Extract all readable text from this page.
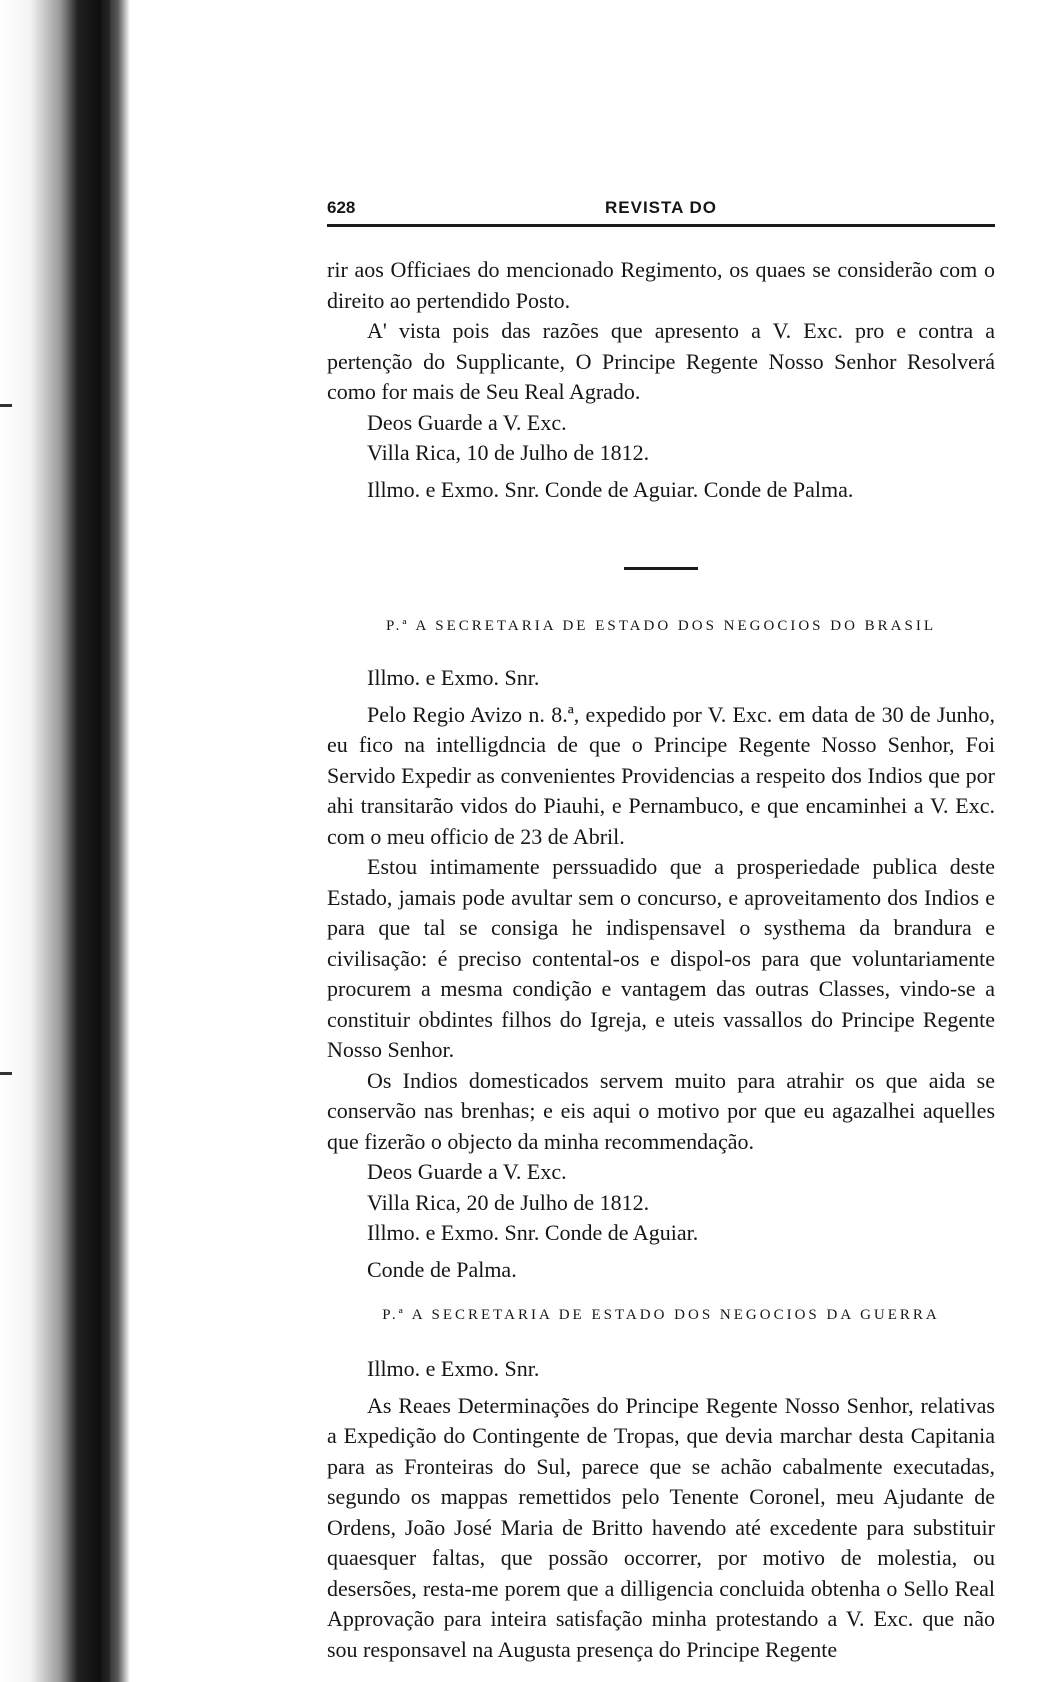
628	REVISTA DO

rir aos Officiaes do mencionado Regimento, os quaes se considerão com o direito ao pertendido Posto.

A' vista pois das razões que apresento a V. Exc. pro e contra a pertenção do Supplicante, O Principe Regente Nosso Senhor Resolverá como for mais de Seu Real Agrado.

Deos Guarde a V. Exc.
Villa Rica, 10 de Julho de 1812.
Illmo. e Exmo. Snr. Conde de Aguiar. Conde de Palma.
P.ª A SECRETARIA DE ESTADO DOS NEGOCIOS DO BRASIL
Illmo. e Exmo. Snr.

Pelo Regio Avizo n. 8.ª, expedido por V. Exc. em data de 30 de Junho, eu fico na intelligdncia de que o Principe Regente Nosso Senhor, Foi Servido Expedir as convenientes Providencias a respeito dos Indios que por ahi transitarão vidos do Piauhi, e Pernambuco, e que encaminhei a V. Exc. com o meu officio de 23 de Abril.

Estou intimamente perssuadido que a prosperiedade publica deste Estado, jamais pode avultar sem o concurso, e aproveitamento dos Indios e para que tal se consiga he indispensavel o systhema da brandura e civilisação: é preciso contental-os e dispol-os para que voluntariamente procurem a mesma condição e vantagem das outras Classes, vindo-se a constituir obdintes filhos do Igreja, e uteis vassallos do Principe Regente Nosso Senhor.

Os Indios domesticados servem muito para atrahir os que aida se conservão nas brenhas; e eis aqui o motivo por que eu agazalhei aquelles que fizerão o objecto da minha recommendação.

Deos Guarde a V. Exc.
Villa Rica, 20 de Julho de 1812.
Illmo. e Exmo. Snr. Conde de Aguiar.
Conde de Palma.
P.ª A SECRETARIA DE ESTADO DOS NEGOCIOS DA GUERRA
Illmo. e Exmo. Snr.

As Reaes Determinações do Principe Regente Nosso Senhor, relativas a Expedição do Contingente de Tropas, que devia marchar desta Capitania para as Fronteiras do Sul, parece que se achão cabalmente executadas, segundo os mappas remettidos pelo Tenente Coronel, meu Ajudante de Ordens, João José Maria de Britto havendo até excedente para substituir quaesquer faltas, que possão occorrer, por motivo de molestia, ou desersões, resta-me porem que a dilligencia concluida obtenha o Sello Real Approvação para inteira satisfação minha protestando a V. Exc. que não sou responsavel na Augusta presença do Principe Regente
